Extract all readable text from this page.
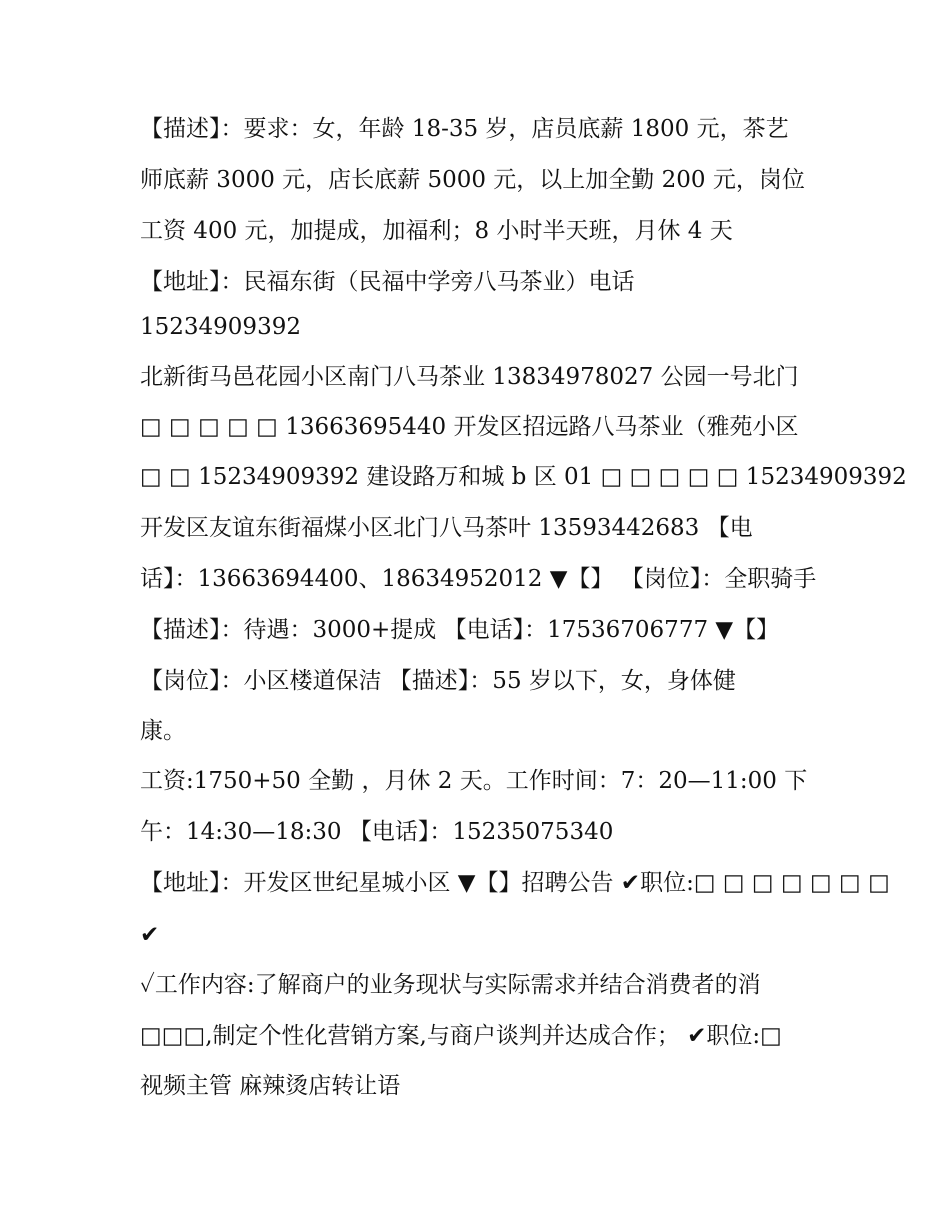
【描述】：要求：女，年龄 18-35 岁，店员底薪 1800 元，茶艺
师底薪 3000 元，店长底薪 5000 元，以上加全勤 200 元，岗位
工资 400 元，加提成，加福利；8 小时半天班，月休 4 天
【地址】：民福东街（民福中学旁八马茶业）电话
15234909392
北新街马邑花园小区南门八马茶业 13834978027 公园一号北门
□ □ □ □ □ 13663695440 开发区招远路八马茶业（雅苑小区
□ □ 15234909392 建设路万和城 b 区 01 □ □ □ □ □ 15234909392
开发区友谊东街福煤小区北门八马茶叶 13593442683 【电
话】：13663694400、18634952012 ▼【】 【岗位】：全职骑手
【描述】：待遇：3000+提成 【电话】：17536706777 ▼【】
【岗位】：小区楼道保洁 【描述】：55 岁以下，女，身体健
康。
工资:1750+50 全勤 ，月休 2 天。工作时间：7：20—11:00 下
午：14:30—18:30 【电话】：15235075340
【地址】：开发区世纪星城小区 ▼【】招聘公告 ✔职位:□ □ □ □ □ □ □
✔
✓工作内容:了解商户的业务现状与实际需求并结合消费者的消
□□□,制定个性化营销方案,与商户谈判并达成合作； ✔职位:□
视频主管 麻辣烫店转让语
